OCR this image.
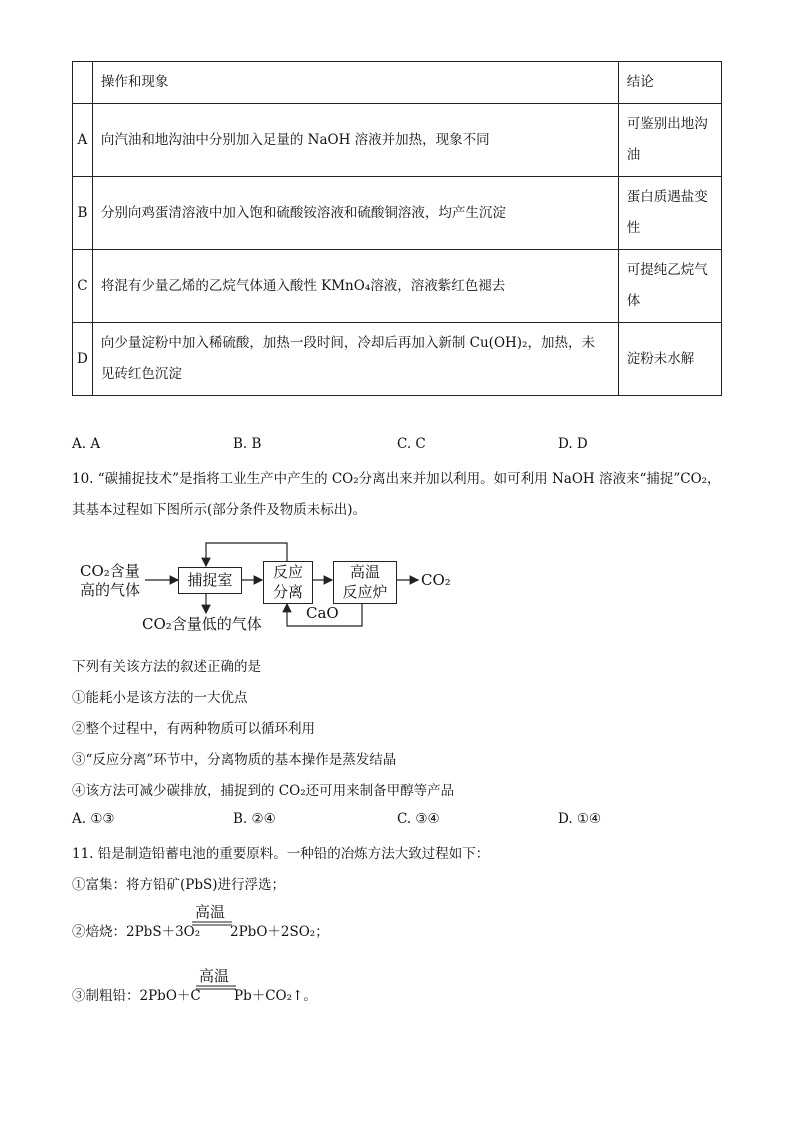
	操作和现象	结论
A	向汽油和地沟油中分别加入足量的 NaOH 溶液并加热，现象不同	可鉴别出地沟
油

B	分别向鸡蛋清溶液中加入饱和硫酸铵溶液和硫酸铜溶液，均产生沉淀	蛋白质遇盐变
性

C	将混有少量乙烯的乙烷气体通入酸性 KMnO₄溶液，溶液紫红色褪去	可提纯乙烷气
体

D	向少量淀粉中加入稀硫酸，加热一段时间，冷却后再加入新制 Cu(OH)₂，加热，未
见砖红色沉淀	淀粉未水解
A. A	B. B	C. C	D. D
10. “碳捕捉技术”是指将工业生产中产生的 CO₂分离出来并加以利用。如可利用 NaOH 溶液来“捕捉”CO₂，
其基本过程如下图所示(部分条件及物质未标出)。
CO₂含量
高的气体
捕捉室	反应
分离
高温
反应炉
CO₂
CaO
CO₂含量低的气体
下列有关该方法的叙述正确的是
①能耗小是该方法的一大优点
②整个过程中，有两种物质可以循环利用
③“反应分离”环节中，分离物质的基本操作是蒸发结晶
④该方法可减少碳排放，捕捉到的 CO₂还可用来制备甲醇等产品
A. ①③	B. ②④	C. ③④	D. ①④
11. 铅是制造铅蓄电池的重要原料。一种铅的冶炼方法大致过程如下：
①富集：将方铅矿(PbS)进行浮选；
②焙烧：2PbS＋3O₂
高温
2PbO＋2SO₂；
③制粗铅：2PbO＋C
高温
Pb＋CO₂↑。
